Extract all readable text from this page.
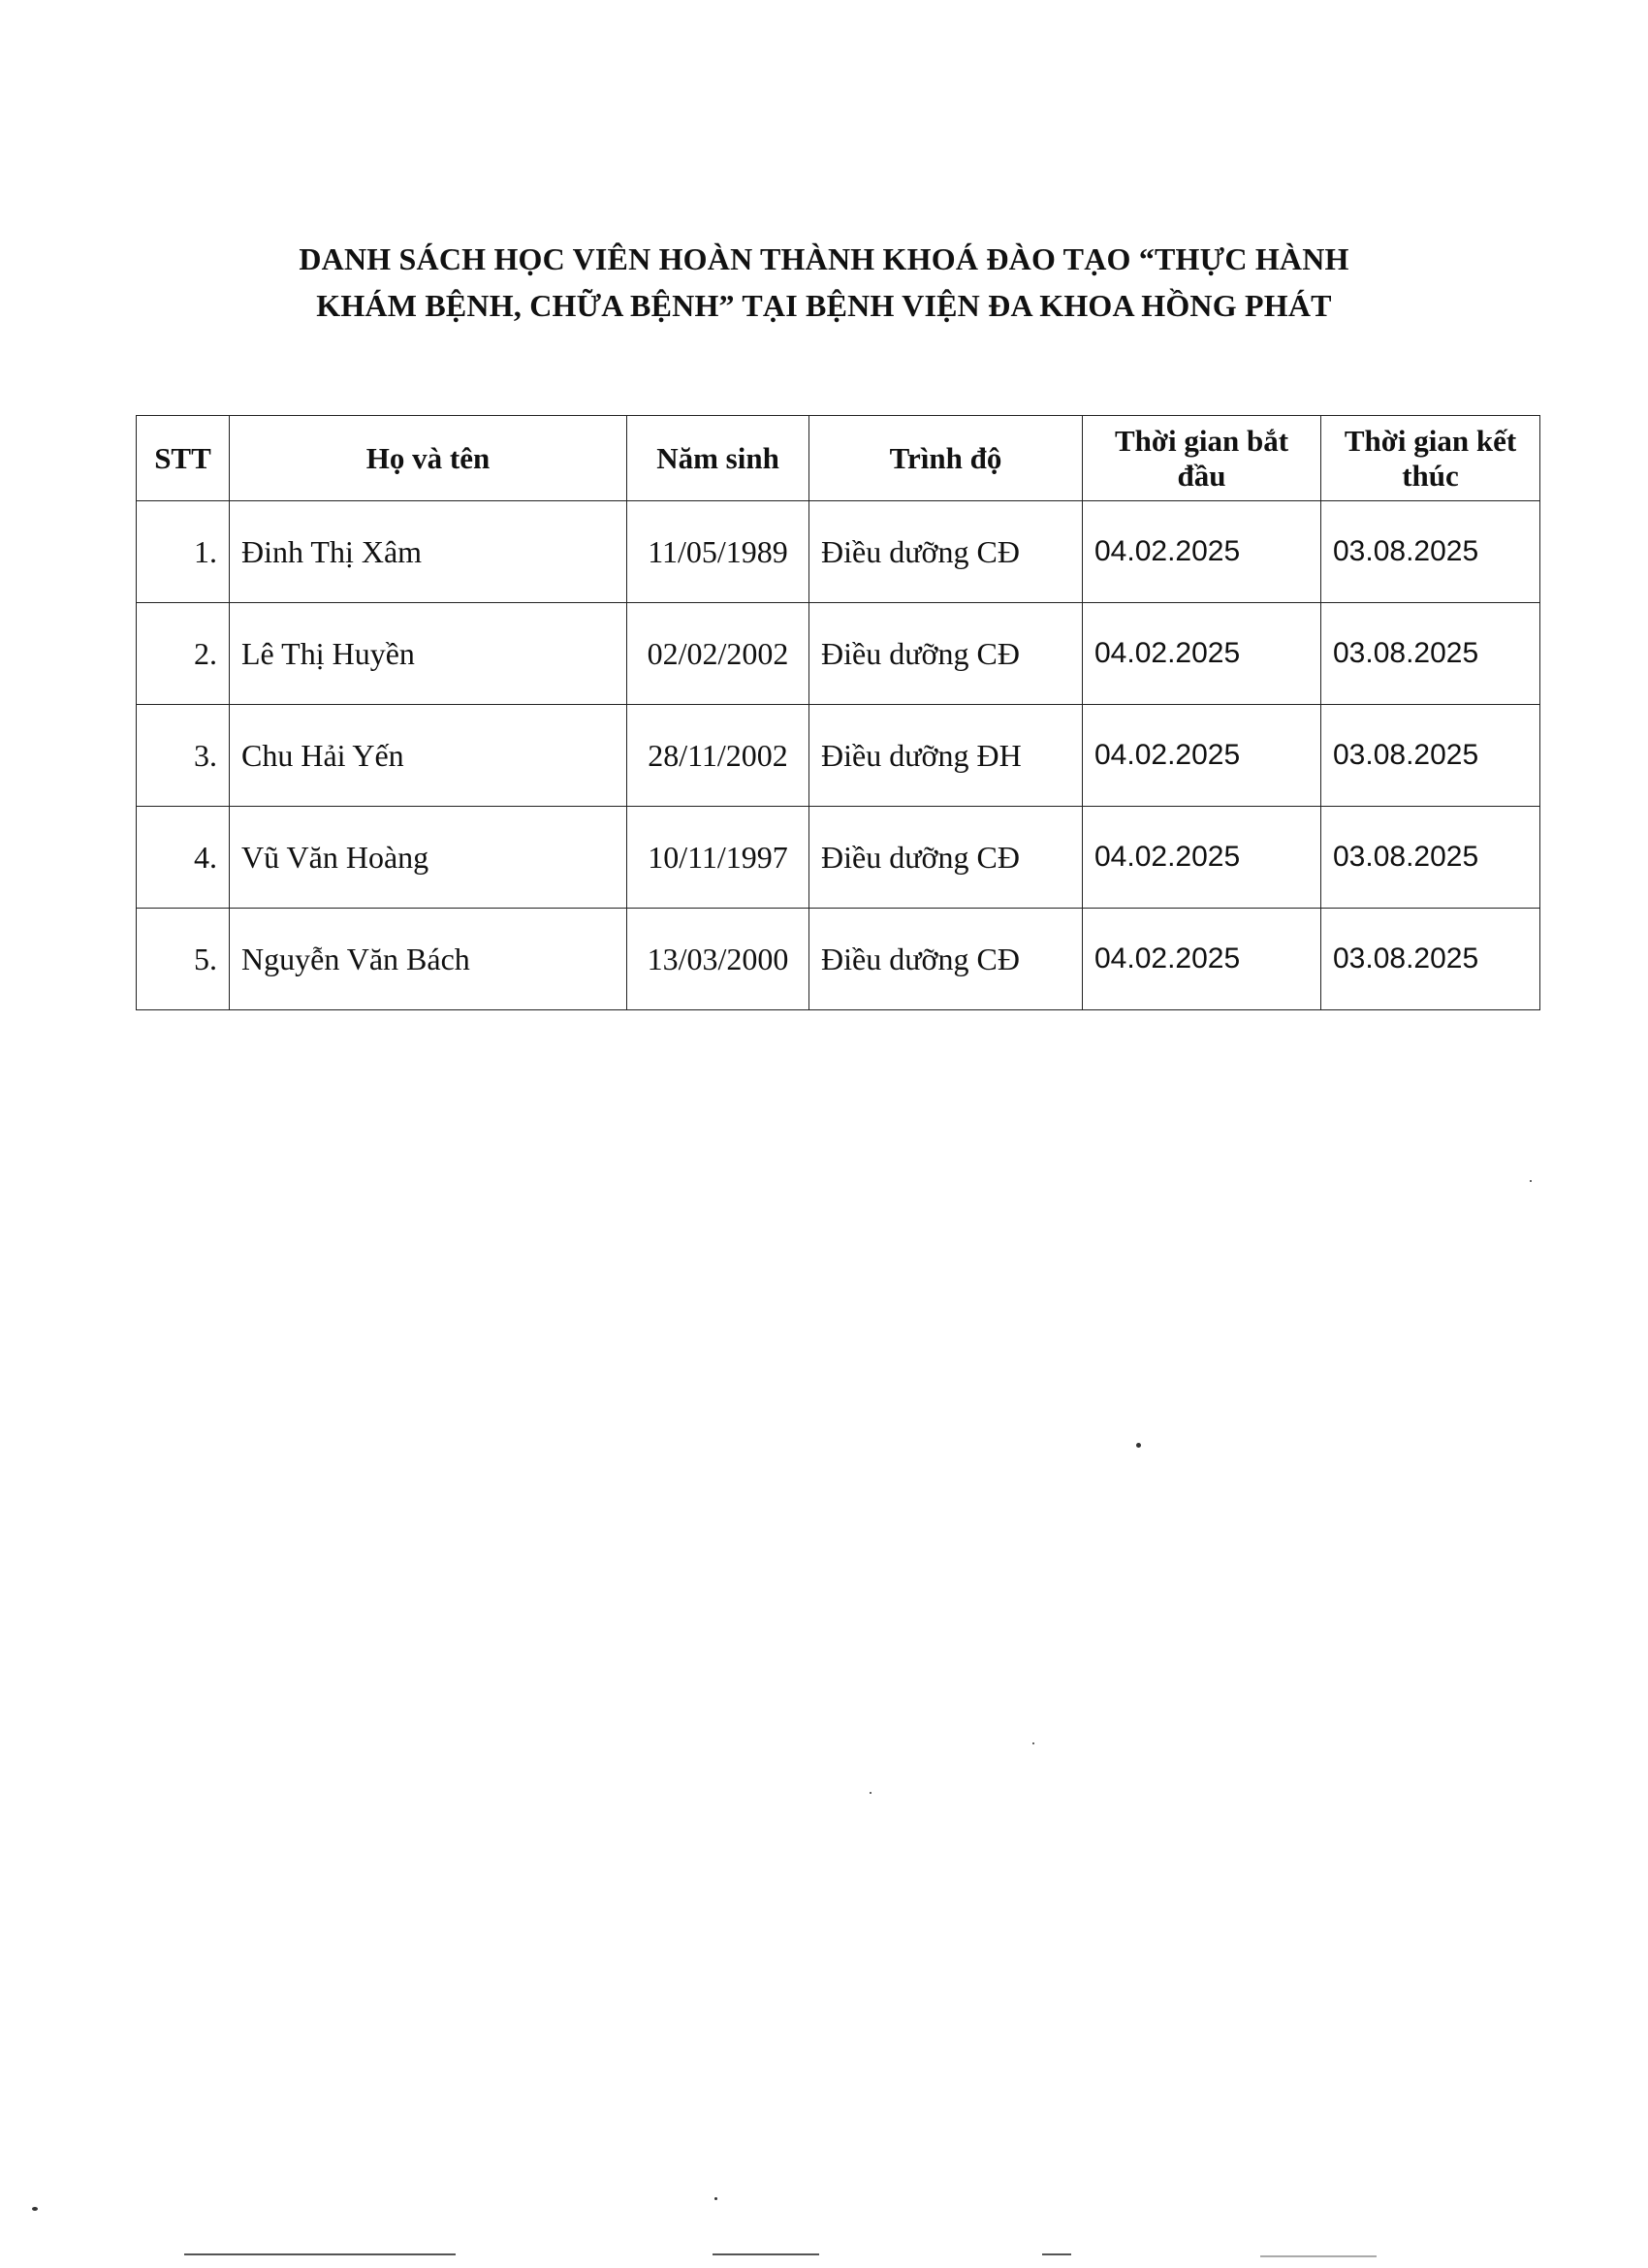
DANH SÁCH HỌC VIÊN HOÀN THÀNH KHOÁ ĐÀO TẠO “THỰC HÀNH
KHÁM BỆNH, CHỮA BỆNH” TẠI BỆNH VIỆN ĐA KHOA HỒNG PHÁT
STT	Họ và tên	Năm sinh	Trình độ	Thời gian bắt đầu	Thời gian kết thúc
1.	Đinh Thị Xâm	11/05/1989	Điều dưỡng CĐ	04.02.2025	03.08.2025
2.	Lê Thị Huyền	02/02/2002	Điều dưỡng CĐ	04.02.2025	03.08.2025
3.	Chu Hải Yến	28/11/2002	Điều dưỡng ĐH	04.02.2025	03.08.2025
4.	Vũ Văn Hoàng	10/11/1997	Điều dưỡng CĐ	04.02.2025	03.08.2025
5.	Nguyễn Văn Bách	13/03/2000	Điều dưỡng CĐ	04.02.2025	03.08.2025
